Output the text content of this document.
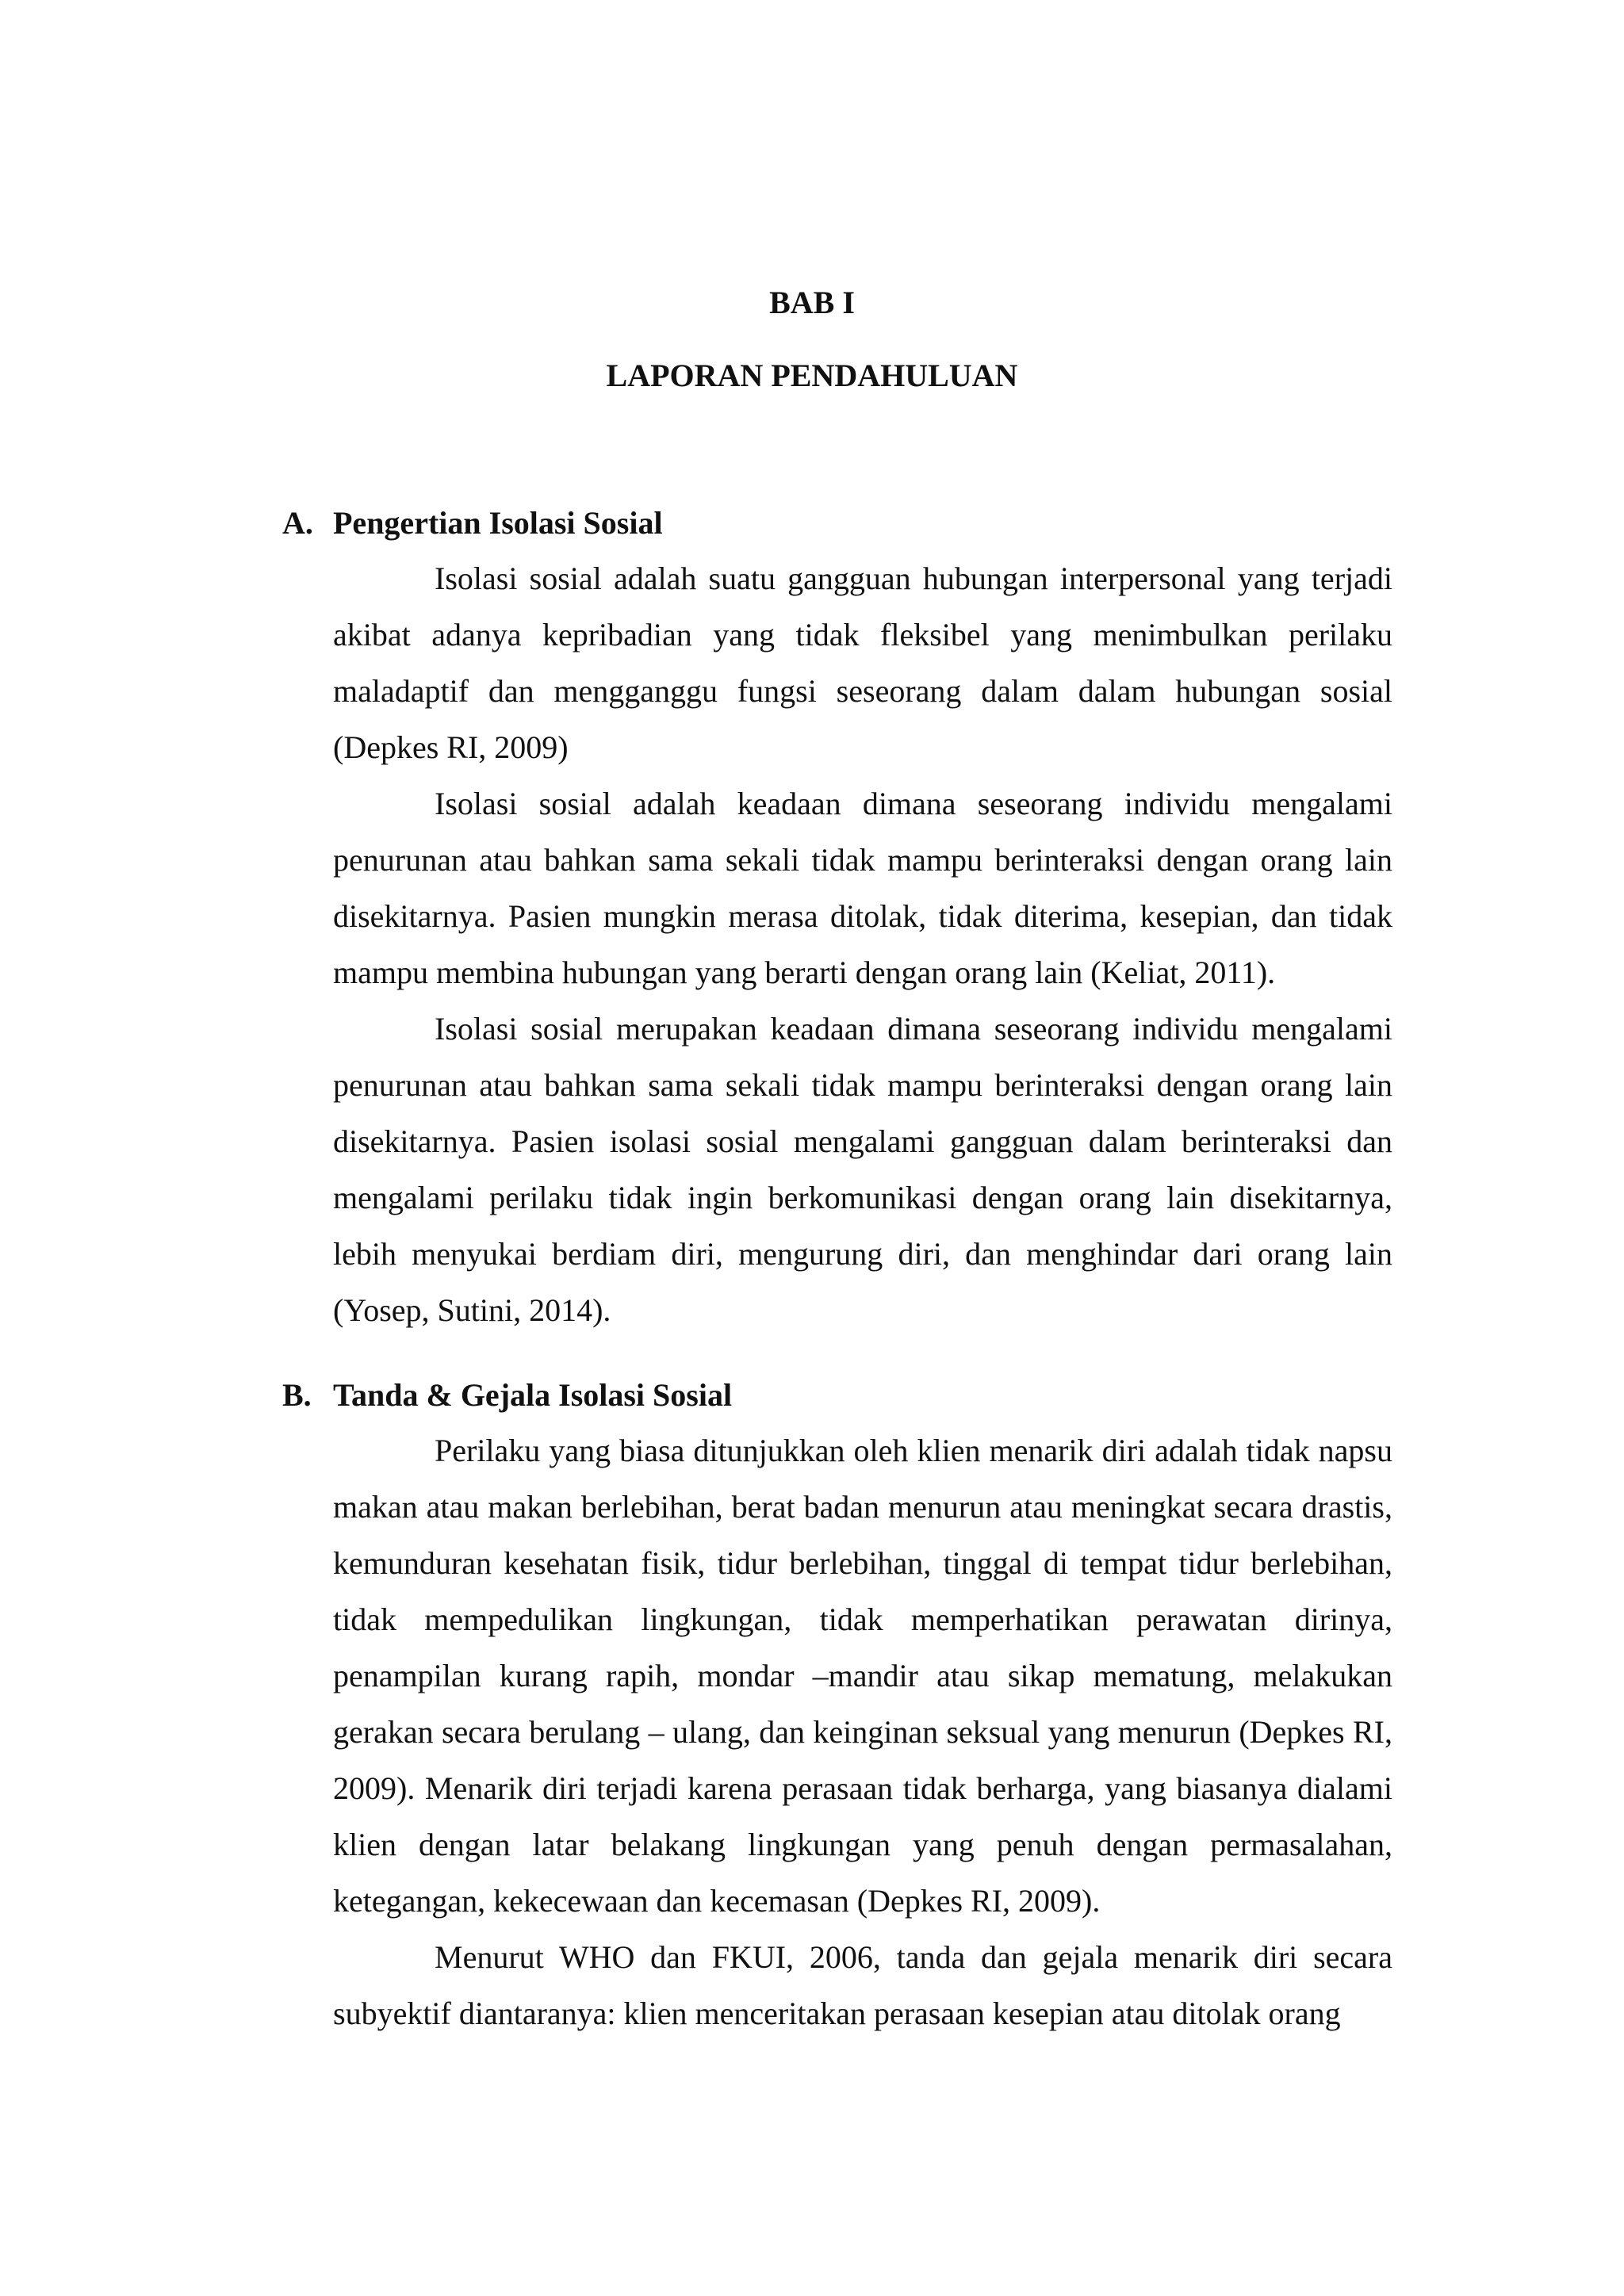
BAB I
LAPORAN PENDAHULUAN
A. Pengertian Isolasi Sosial

Isolasi sosial adalah suatu gangguan hubungan interpersonal yang terjadi akibat adanya kepribadian yang tidak fleksibel yang menimbulkan perilaku maladaptif dan mengganggu fungsi seseorang dalam dalam hubungan sosial (Depkes RI, 2009)

Isolasi sosial adalah keadaan dimana seseorang individu mengalami penurunan atau bahkan sama sekali tidak mampu berinteraksi dengan orang lain disekitarnya. Pasien mungkin merasa ditolak, tidak diterima, kesepian, dan tidak mampu membina hubungan yang berarti dengan orang lain (Keliat, 2011).

Isolasi sosial merupakan keadaan dimana seseorang individu mengalami penurunan atau bahkan sama sekali tidak mampu berinteraksi dengan orang lain disekitarnya. Pasien isolasi sosial mengalami gangguan dalam berinteraksi dan mengalami perilaku tidak ingin berkomunikasi dengan orang lain disekitarnya, lebih menyukai berdiam diri, mengurung diri, dan menghindar dari orang lain (Yosep, Sutini, 2014).

B. Tanda & Gejala Isolasi Sosial

Perilaku yang biasa ditunjukkan oleh klien menarik diri adalah tidak napsu makan atau makan berlebihan, berat badan menurun atau meningkat secara drastis, kemunduran kesehatan fisik, tidur berlebihan, tinggal di tempat tidur berlebihan, tidak mempedulikan lingkungan, tidak memperhatikan perawatan dirinya, penampilan kurang rapih, mondar –mandir atau sikap mematung, melakukan gerakan secara berulang – ulang, dan keinginan seksual yang menurun (Depkes RI, 2009). Menarik diri terjadi karena perasaan tidak berharga, yang biasanya dialami klien dengan latar belakang lingkungan yang penuh dengan permasalahan, ketegangan, kekecewaan dan kecemasan (Depkes RI, 2009).

Menurut WHO dan FKUI, 2006, tanda dan gejala menarik diri secara subyektif diantaranya: klien menceritakan perasaan kesepian atau ditolak orang
